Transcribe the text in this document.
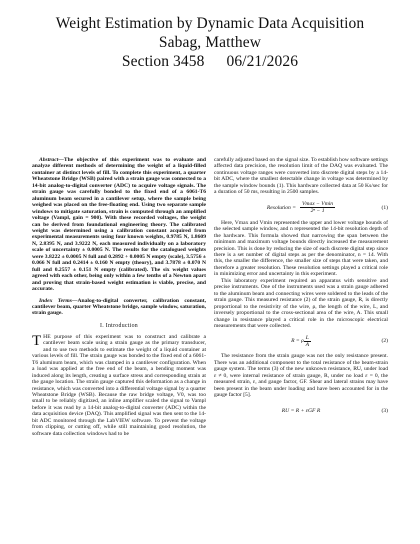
Weight Estimation by Dynamic Data Acquisition
Sabag, Matthew
Section 3458 06/21/2026

Abstract—The objective of this experiment was to evaluate and analyze different methods of determining the weight of a liquid-filled container at distinct levels of fill. To complete this experiment, a quarter Wheatstone Bridge (WSB) paired with a strain gauge was connected to a 14-bit analog-to-digital converter (ADC) to acquire voltage signals. The strain gauge was carefully bonded to the fixed end of a 6061-T6 aluminum beam secured in a cantilever setup, where the sample being weighed was placed on the free-floating end. Using two separate sample windows to mitigate saturation, strain is computed through an amplified voltage (Vampl, gain = 900). With these recorded voltages, the weight can be derived from foundational engineering theory. The calibrated weight was determined using a calibration constant acquired from experimental measurements using four known weights, 0.9785 N, 1.8609 N, 2.8395 N, and 3.9222 N, each measured individually on a laboratory scale of uncertainty ± 0.0005 N. The results for the catalogued weights were 3.8222 ± 0.0005 N full and 0.2892 + 0.0005 N empty (scale), 3.5756 ± 0.066 N full and 0.2414 ± 0.160 N empty (theory), and 3.7878 ± 0.070 N full and 0.2557 ± 0.151 N empty (calibrated). The six weight values agreed with each other, being only within a few tenths of a Newton apart and proving that strain-based weight estimation is viable, precise, and accurate.

Index Terms—Analog-to-digital converter, calibration constant, cantilever beam, quarter Wheatstone bridge, sample window, saturation, strain gauge.

I. Introduction

THE purpose of this experiment was to construct and calibrate a cantilever beam scale using a strain gauge as the primary transducer, and to use two methods to estimate the weight of a liquid container at various levels of fill. The strain gauge was bonded to the fixed end of a 6061-T6 aluminum beam, which was clamped in a cantilever configuration. When a load was applied at the free end of the beam, a bending moment was induced along its length, creating a surface stress and corresponding strain at the gauge location. The strain gauge captured this deformation as a change in resistance, which was converted into a differential voltage signal by a quarter Wheatstone Bridge (WSB). Because the raw bridge voltage, V0, was too small to be reliably digitized, an inline amplifier scaled the signal to Vampl before it was read by a 14-bit analog-to-digital converter (ADC) within the data acquisition device (DAQ). This amplified signal was then sent to the 14-bit ADC monitored through the LabVIEW software. To prevent the voltage from clipping, or cutting off, while still maintaining good resolution, the software data collection windows had to be

carefully adjusted based on the signal size. To establish how software settings affected data precision, the resolution limit of the DAQ was evaluated. The continuous voltage ranges were converted into discrete digital steps by a 14-bit ADC, where the smallest detectable change in voltage was determined by the sample window bounds (1). This hardware collected data at 50 Ks/sec for a duration of 50 ms, resulting in 2500 samples.

Resolution =
$\frac{Vmax - Vmin}{\text{2ⁿ − 1}}$	(1)

Here, Vmax and Vmin represented the upper and lower voltage bounds of the selected sample window, and n represented the 14-bit resolution depth of the hardware. This formula showed that narrowing the span between the minimum and maximum voltage bounds directly increased the measurement precision. This is done by reducing the size of each discrete digital step since there is a set number of digital steps as per the denominator, n = 14. With this, the smaller the difference, the smaller size of steps that were taken, and therefore a greater resolution. These resolution settings played a critical role in minimizing error and uncertainty in this experiment.

This laboratory experiment required an apparatus with sensitive and precise instruments. One of the instruments used was a strain gauge adhered to the aluminum beam and connecting wires were soldered to the leads of the strain gauge. This measured resistance (2) of the strain gauge, R, is directly proportional to the resistivity of the wire, ρ, the length of the wire, L, and inversely proportional to the cross-sectional area of the wire, A. This small change in resistance played a critical role in the microscopic electrical measurements that were collected.

R = ρ $\frac{L}{A}$	(2)

The resistance from the strain gauge was not the only resistance present. There was an additional component to the total resistance of the beam-strain gauge system. The terms (3) of the new unknown resistance, RU, under load ε ≠ 0, were internal resistance of strain gauge, R, under no load ε = 0, the measured strain, ε, and gauge factor, GF. Shear and lateral strains may have been present in the beam under loading and have been accounted for in the gauge factor [5].

RU = R + εGF R	(3)
